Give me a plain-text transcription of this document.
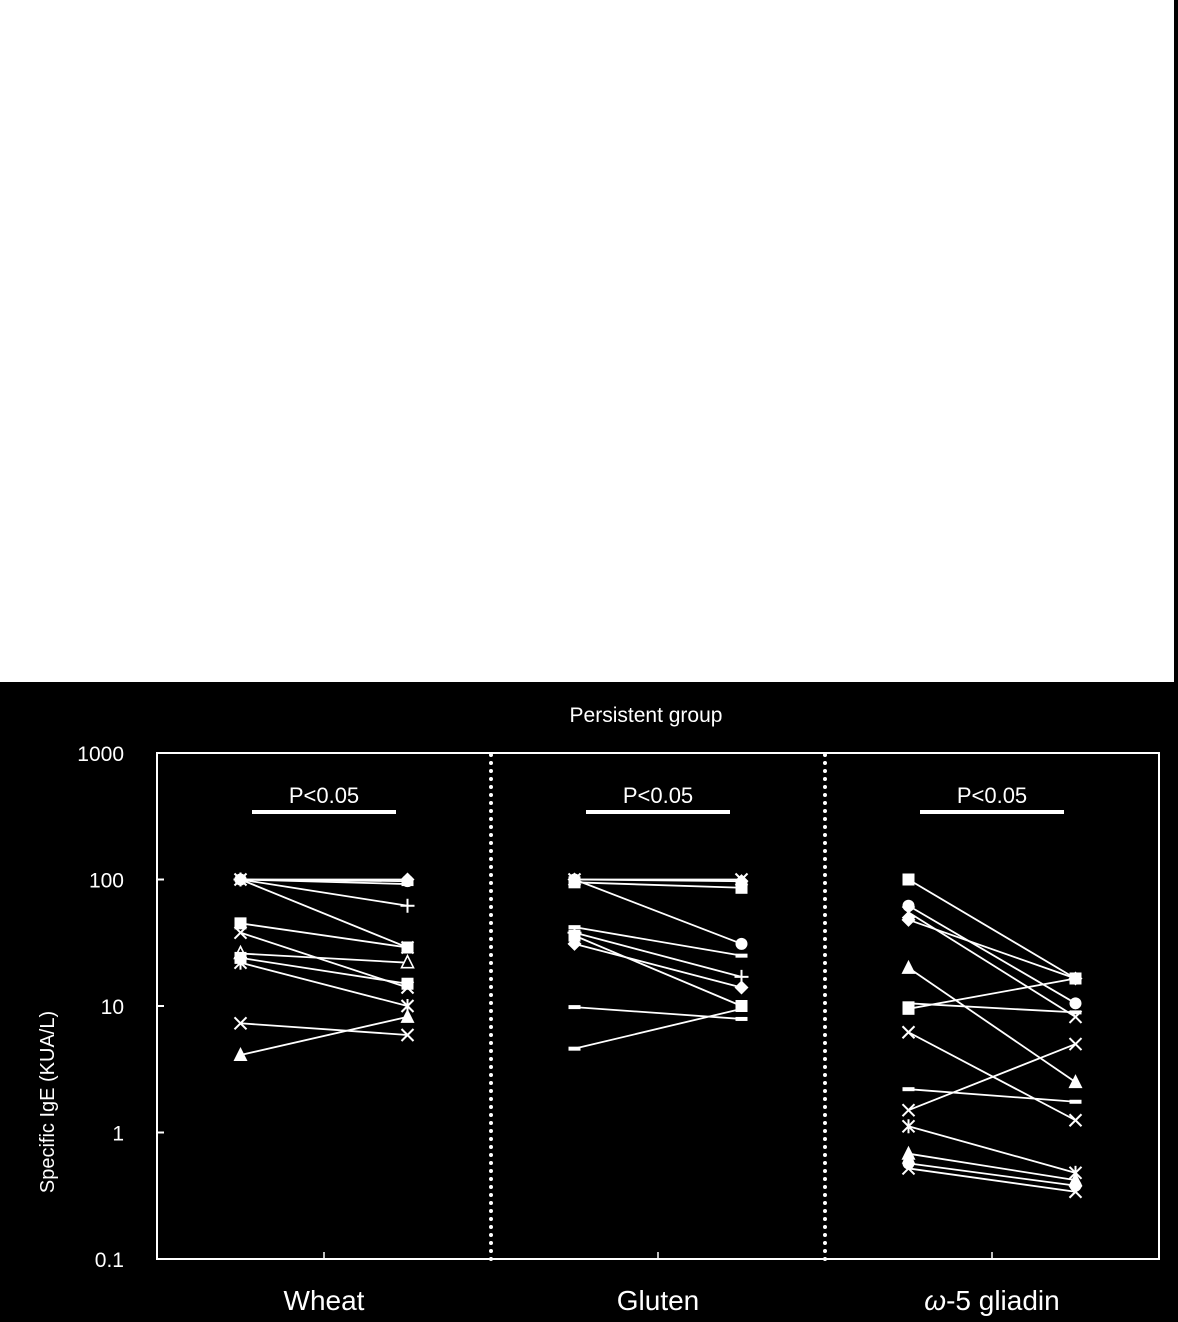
Persistent group
Specific IgE (KUA/L)
0.1
1
10
100
1000
P<0.05
Wheat
P<0.05
Gluten
P<0.05
ω-5 gliadin
